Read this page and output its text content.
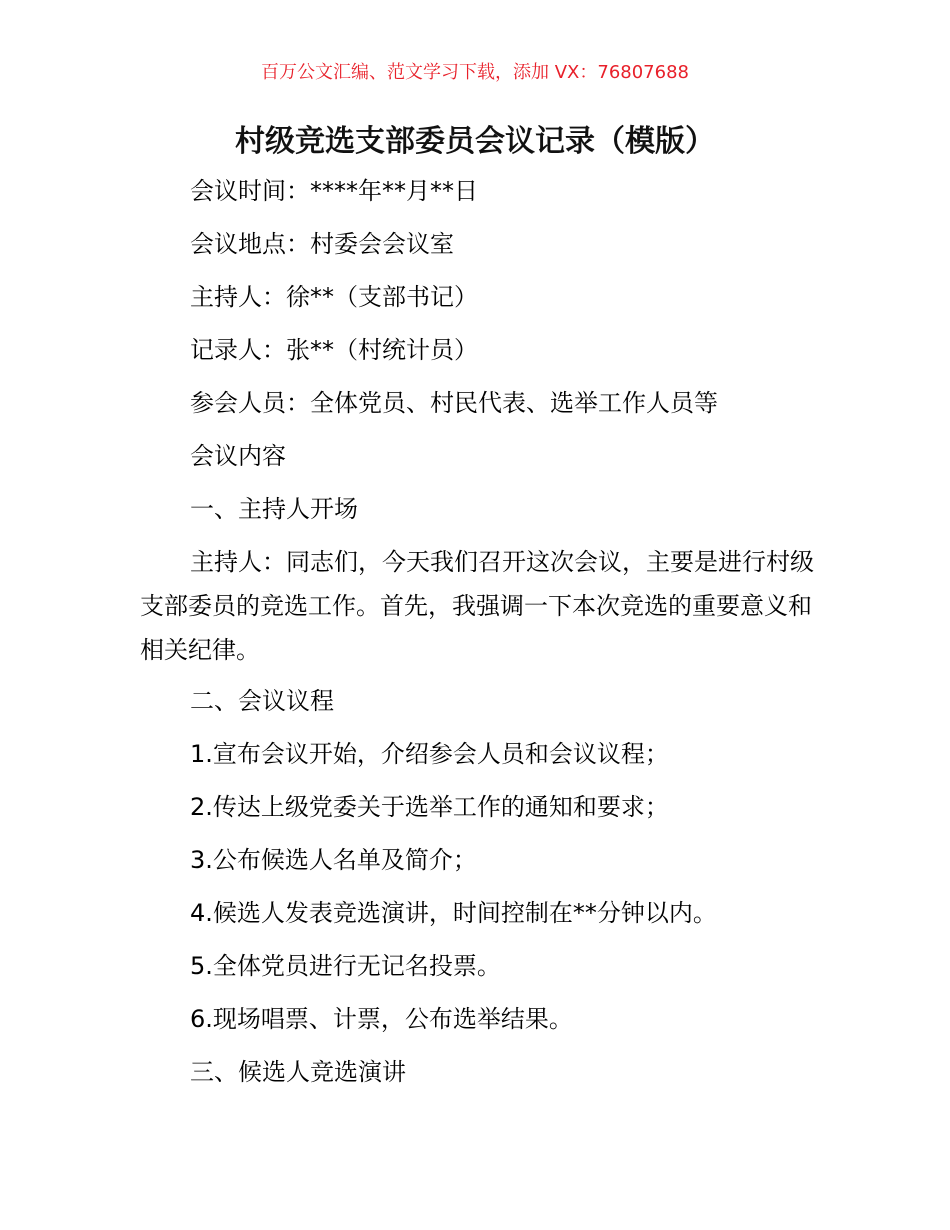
百万公文汇编、范文学习下载，添加 VX：76807688
村级竞选支部委员会议记录（模版）
会议时间：****年**月**日
会议地点：村委会会议室
主持人：徐**（支部书记）
记录人：张**（村统计员）
参会人员：全体党员、村民代表、选举工作人员等
会议内容
一、主持人开场
主持人：同志们，今天我们召开这次会议，主要是进行村级支部委员的竞选工作。首先，我强调一下本次竞选的重要意义和相关纪律。
二、会议议程
1.宣布会议开始，介绍参会人员和会议议程；
2.传达上级党委关于选举工作的通知和要求；
3.公布候选人名单及简介；
4.候选人发表竞选演讲，时间控制在**分钟以内。
5.全体党员进行无记名投票。
6.现场唱票、计票，公布选举结果。
三、候选人竞选演讲
